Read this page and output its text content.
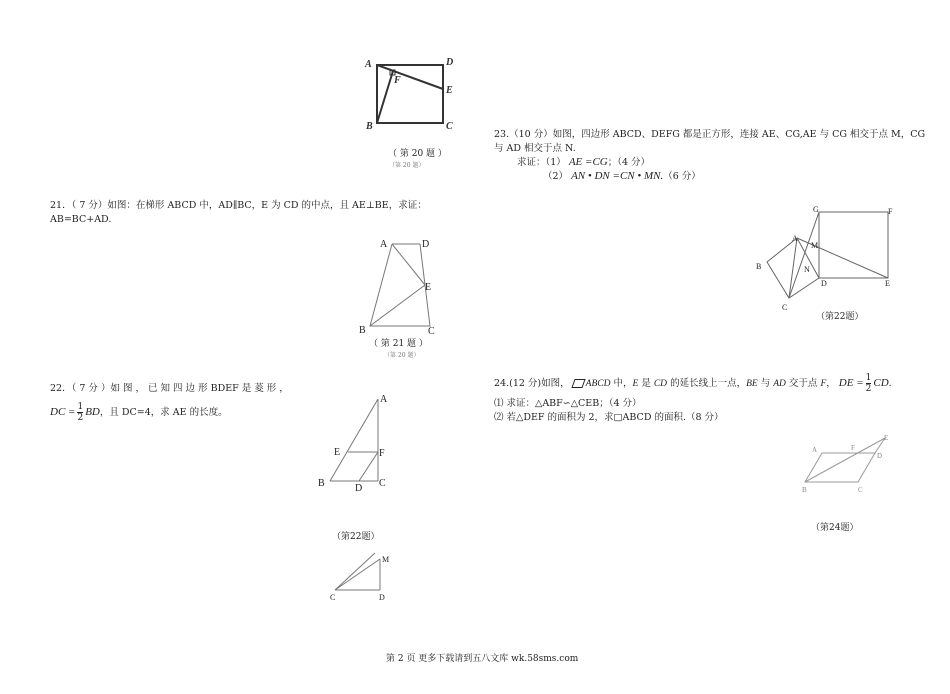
A	D
F
E
B	C
（ 第 20 题 ）
（第 20 题）
21．（ 7 分）如图：在梯形 ABCD 中，AD∥BC，E 为 CD 的中点，且 AE⊥BE，求证：
AB=BC+AD.
A	D
E
B	C
（ 第 21 题 ）
（第 20 题）
22．（ 7 分 ）如 图 ， 已 知 四 边 形 BDEF 是 菱 形 ，
DC = $\frac{1}{2}$ BD，且 DC=4，求 AE 的长度。
A
E	F
B	D C
（第22题）
M
C	D
23.（10 分）如图，四边形 ABCD、DEFG 都是正方形，连接 AE、CG,AE 与 CG 相交于点 M，CG
与 AD 相交于点 N.
求证：（1） AE =CG；（4 分）
（2） AN • DN =CN • MN.（6 分）
G	F
A
M
B	N
D	E
C
（第22题）
24.(12 分)如图， ABCD 中，E 是 CD 的延长线上一点，BE 与 AD 交于点 F， DE = $\frac{1}{2}$ CD.
⑴ 求证：△ABF∽△CEB；（4 分）
⑵ 若△DEF 的面积为 2，求□ABCD 的面积.（8 分）
A	F
E
D
B	C
（第24题）
第 2 页 更多下载请到五八文库 wk.58sms.com
